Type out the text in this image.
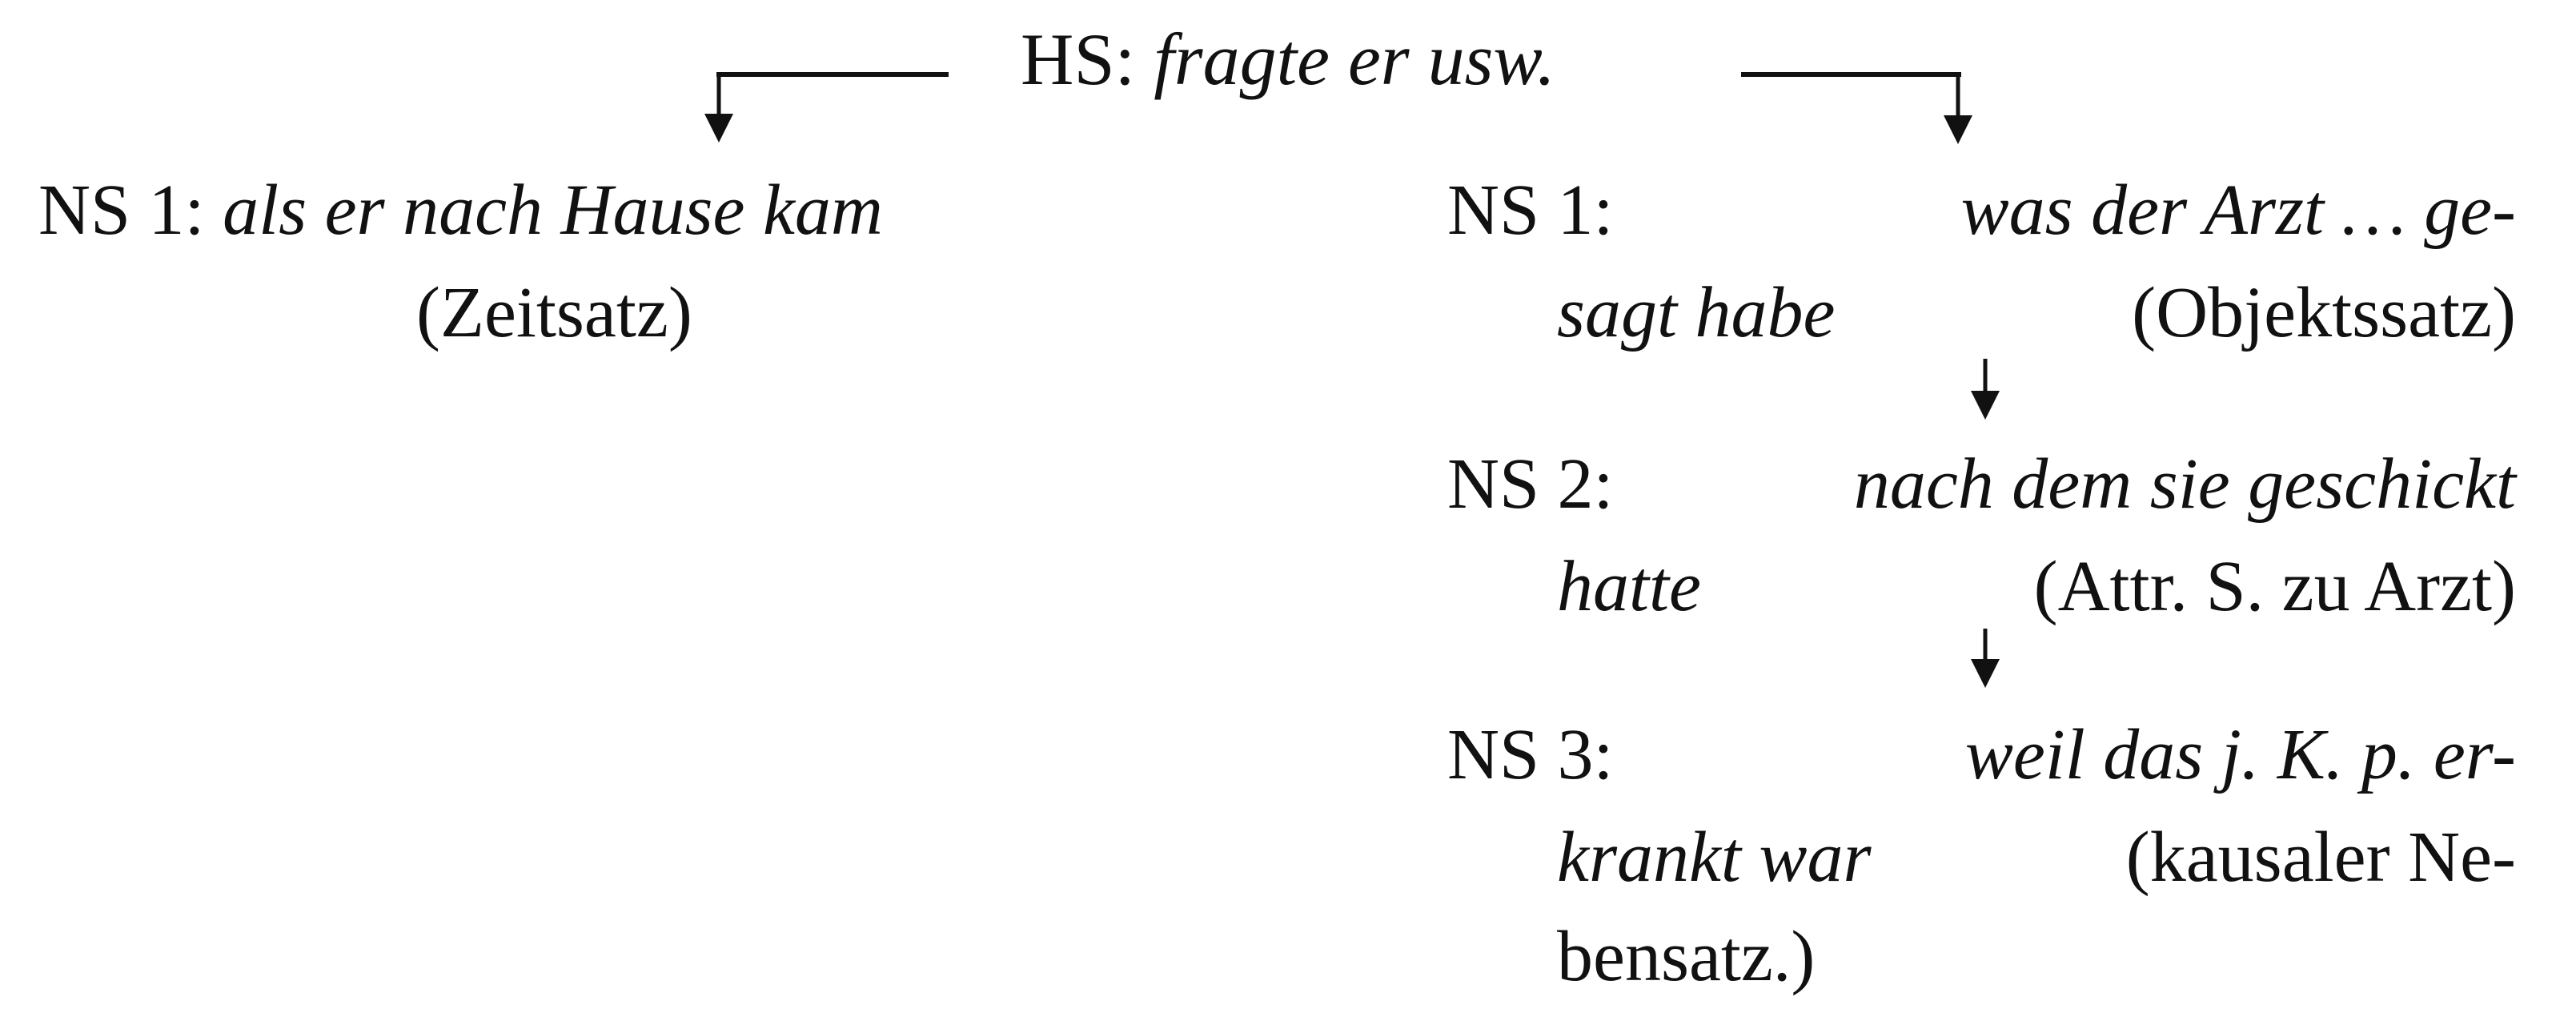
HS: fragte er usw.
NS 1: als er nach Hause kam
(Zeitsatz)
NS 1:	was der Arzt … ge-
sagt habe	(Objektssatz)
NS 2:	nach dem sie geschickt
hatte	(Attr. S. zu Arzt)
NS 3:	weil das j. K. p. er-
krankt war	(kausaler Ne-
bensatz.)
